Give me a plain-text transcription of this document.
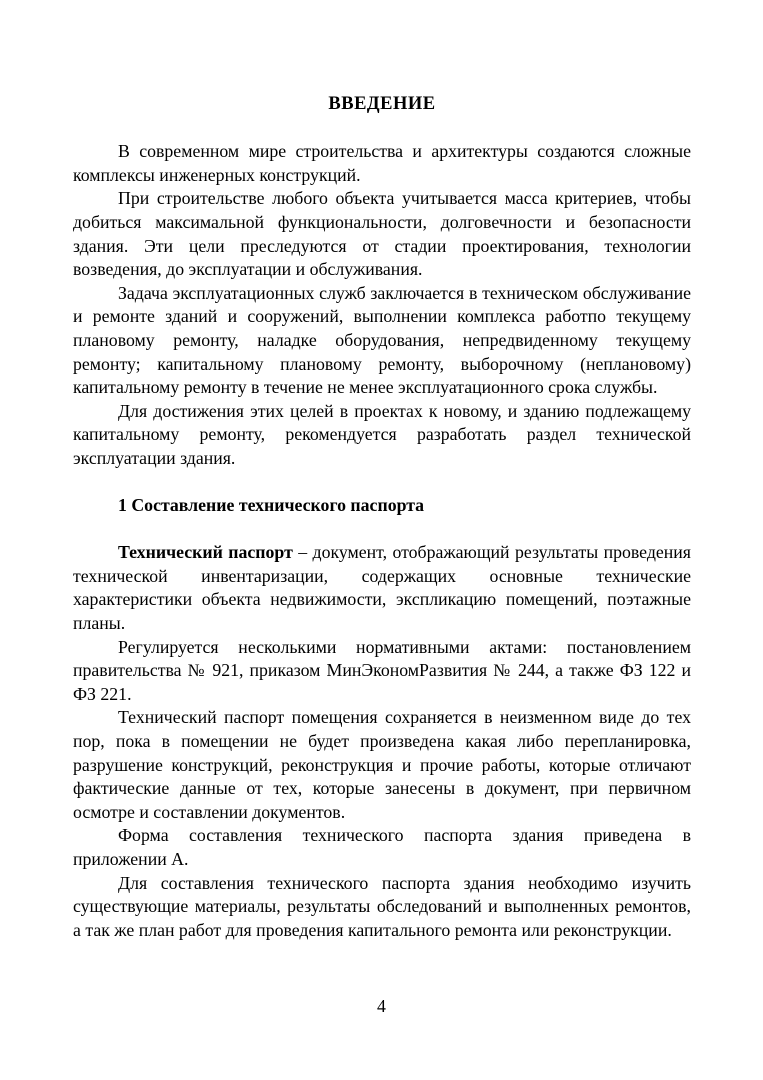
ВВЕДЕНИЕ

В современном мире строительства и архитектуры создаются сложные комплексы инженерных конструкций.

При строительстве любого объекта учитывается масса критериев, чтобы добиться максимальной функциональности, долговечности и безопасности здания. Эти цели преследуются от стадии проектирования, технологии возведения, до эксплуатации и обслуживания.

Задача эксплуатационных служб заключается в техническом обслуживание и ремонте зданий и сооружений, выполнении комплекса работпо текущему плановому ремонту, наладке оборудования, непредвиденному текущему ремонту; капитальному плановому ремонту, выборочному (неплановому) капитальному ремонту в течение не менее эксплуатационного срока службы.

Для достижения этих целей в проектах к новому, и зданию подлежащему капитальному ремонту, рекомендуется разработать раздел технической эксплуатации здания.

1 Составление технического паспорта

Технический паспорт – документ, отображающий результаты проведения технической инвентаризации, содержащих основные технические характеристики объекта недвижимости, экспликацию помещений, поэтажные планы.

Регулируется несколькими нормативными актами: постановлением правительства № 921, приказом МинЭкономРазвития № 244, а также ФЗ 122 и ФЗ 221.

Технический паспорт помещения сохраняется в неизменном виде до тех пор, пока в помещении не будет произведена какая либо перепланировка, разрушение конструкций, реконструкция и прочие работы, которые отличают фактические данные от тех, которые занесены в документ, при первичном осмотре и составлении документов.

Форма составления технического паспорта здания приведена в приложении А.

Для составления технического паспорта здания необходимо изучить существующие материалы, результаты обследований и выполненных ремонтов, а так же план работ для проведения капитального ремонта или реконструкции.

4
